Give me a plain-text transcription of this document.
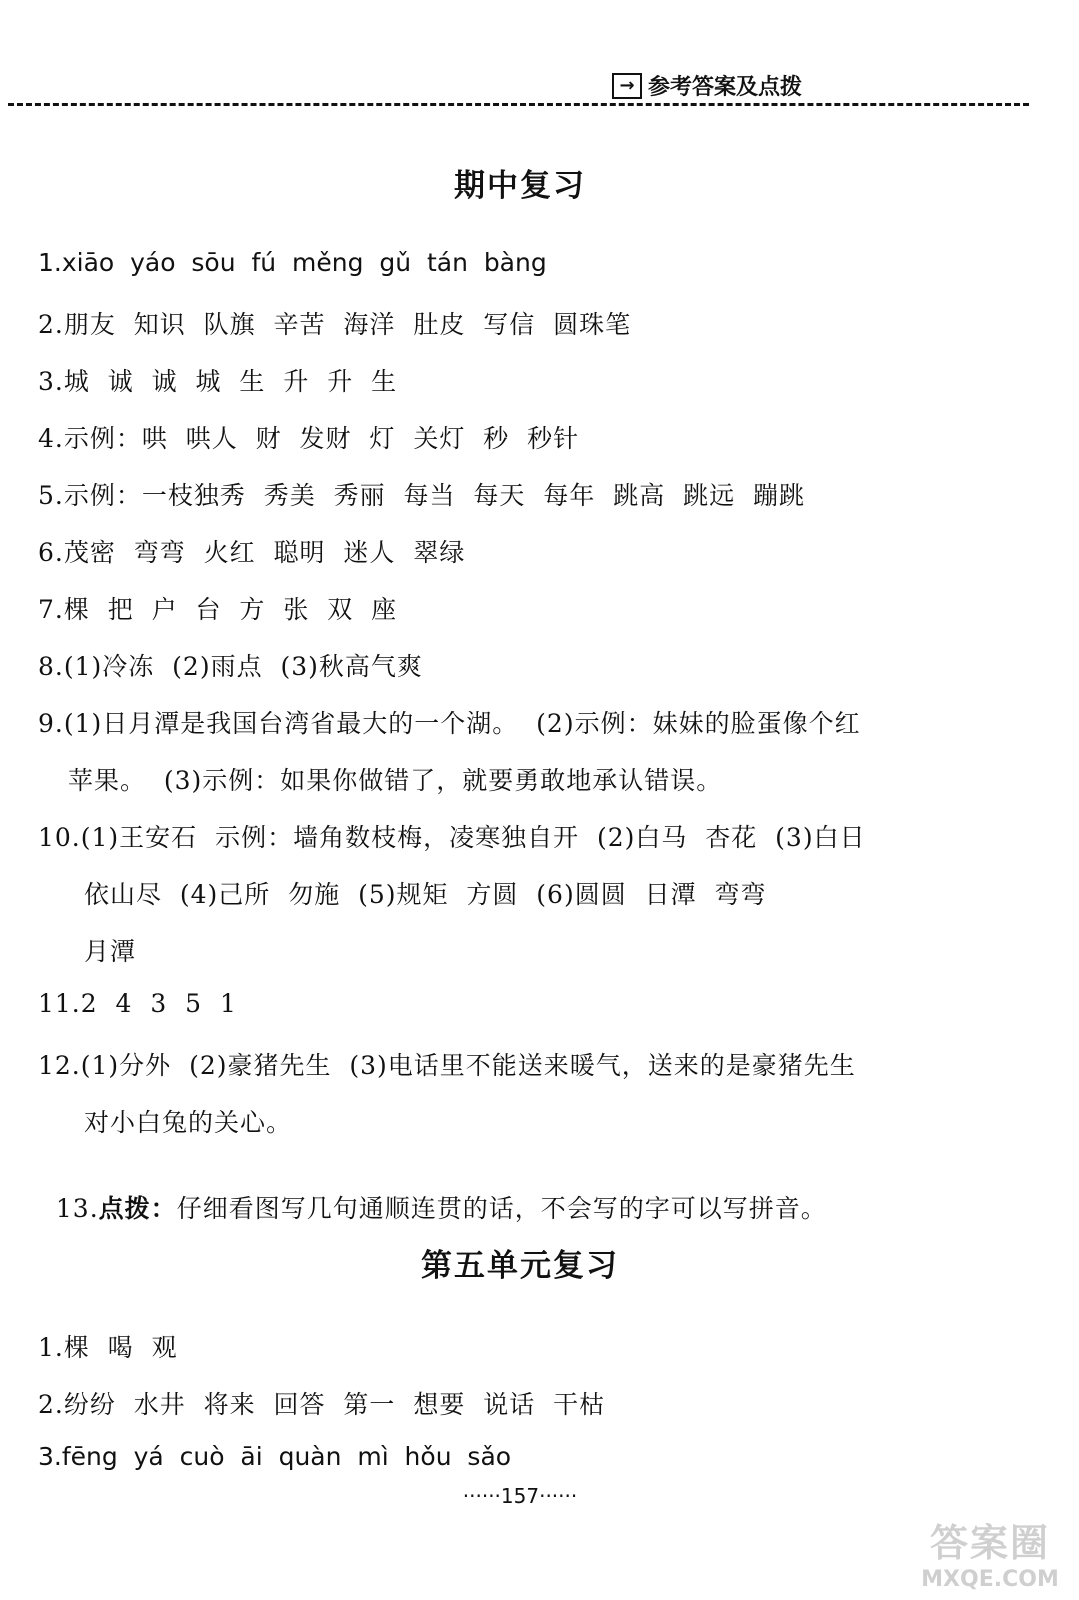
→ 参考答案及点拨
期中复习
1.xiāo  yáo  sōu  fú  měng  gǔ  tán  bàng
2.朋友  知识  队旗  辛苦  海洋  肚皮  写信  圆珠笔
3.城  诚  诚  城  生  升  升  生
4.示例：哄  哄人  财  发财  灯  关灯  秒  秒针
5.示例：一枝独秀  秀美  秀丽  每当  每天  每年  跳高  跳远  蹦跳
6.茂密  弯弯  火红  聪明  迷人  翠绿
7.棵  把  户  台  方  张  双  座
8.(1)冷冻  (2)雨点  (3)秋高气爽
9.(1)日月潭是我国台湾省最大的一个湖。  (2)示例：妹妹的脸蛋像个红
苹果。  (3)示例：如果你做错了，就要勇敢地承认错误。
10.(1)王安石  示例：墙角数枝梅，凌寒独自开  (2)白马  杏花  (3)白日
依山尽  (4)己所  勿施  (5)规矩  方圆  (6)圆圆  日潭  弯弯
月潭
11.2  4  3  5  1
12.(1)分外  (2)豪猪先生  (3)电话里不能送来暖气，送来的是豪猪先生
对小白兔的关心。

13.点拨：仔细看图写几句通顺连贯的话，不会写的字可以写拼音。

第五单元复习
1.棵  喝  观
2.纷纷  水井  将来  回答  第一  想要  说话  干枯
3.fēng  yá  cuò  āi  quàn  mì  hǒu  sǎo
······157······
答案圈
MXQE.COM
